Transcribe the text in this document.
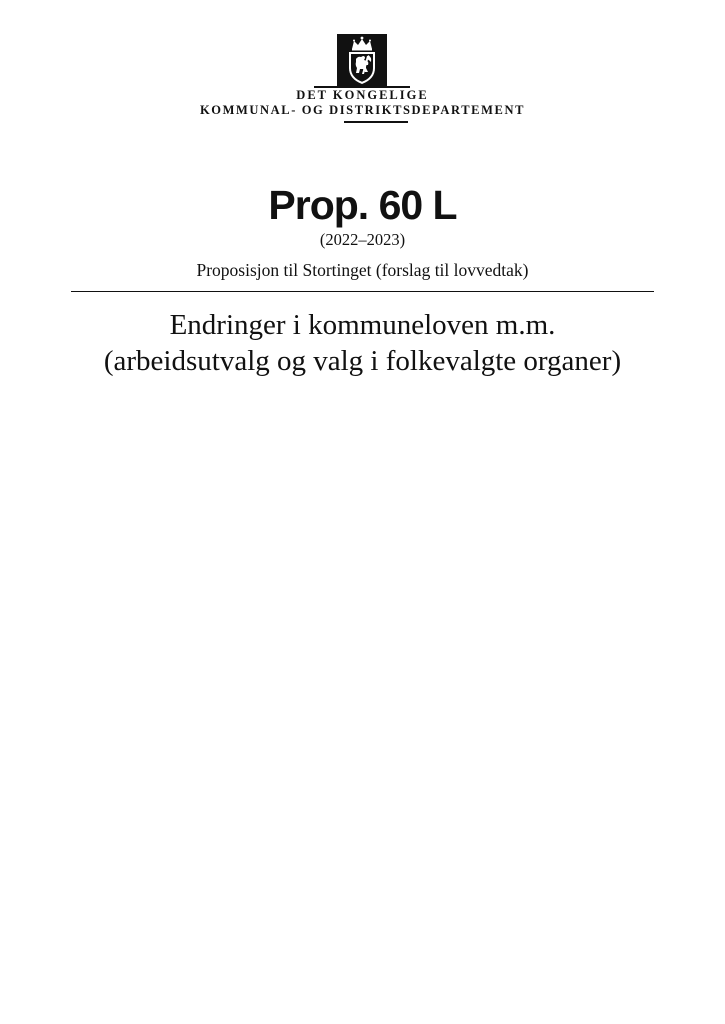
DET KONGELIGE
KOMMUNAL- OG DISTRIKTSDEPARTEMENT
Prop. 60 L
(2022–2023)
Proposisjon til Stortinget (forslag til lovvedtak)
Endringer i kommuneloven m.m.
(arbeidsutvalg og valg i folkevalgte organer)
